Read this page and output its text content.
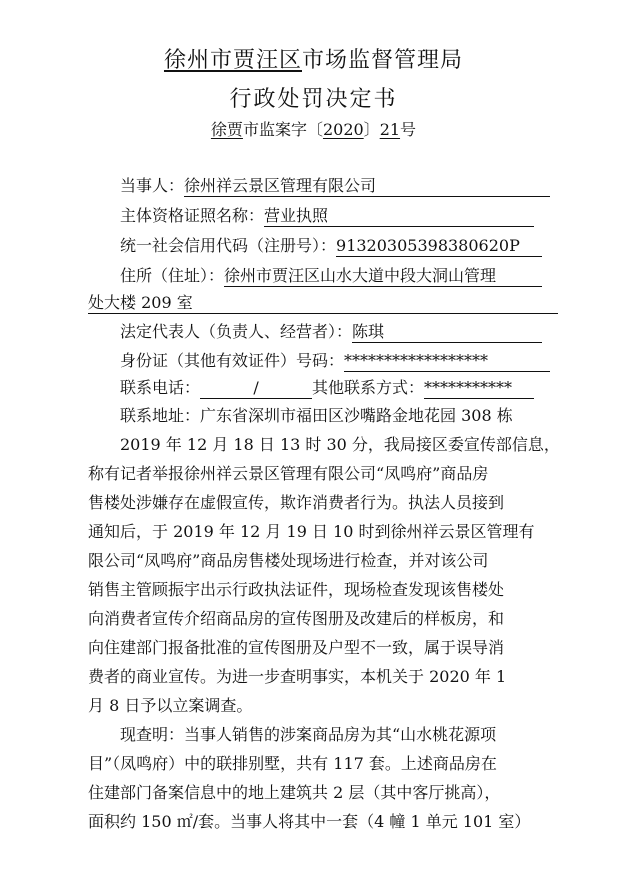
徐州市贾汪区市场监督管理局
行政处罚决定书
徐贾市监案字〔2020〕21号
当事人：徐州祥云景区管理有限公司
主体资格证照名称：营业执照
统一社会信用代码（注册号）：91320305398380620P
住所（住址）：徐州市贾汪区山水大道中段大洞山管理
处大楼 209 室
法定代表人（负责人、经营者）：陈琪
身份证（其他有效证件）号码：******************
联系电话：	/	其他联系方式：***********
联系地址：广东省深圳市福田区沙嘴路金地花园 308 栋
2019 年 12 月 18 日 13 时 30 分，我局接区委宣传部信息，
称有记者举报徐州祥云景区管理有限公司“凤鸣府”商品房
售楼处涉嫌存在虚假宣传，欺诈消费者行为。执法人员接到
通知后，于 2019 年 12 月 19 日 10 时到徐州祥云景区管理有
限公司“凤鸣府”商品房售楼处现场进行检查，并对该公司
销售主管顾振宇出示行政执法证件，现场检查发现该售楼处
向消费者宣传介绍商品房的宣传图册及改建后的样板房，和
向住建部门报备批准的宣传图册及户型不一致，属于误导消
费者的商业宣传。为进一步查明事实，本机关于 2020 年 1
月 8 日予以立案调查。
现查明：当事人销售的涉案商品房为其“山水桃花源项
目”（凤鸣府）中的联排别墅，共有 117 套。上述商品房在
住建部门备案信息中的地上建筑共 2 层（其中客厅挑高），
面积约 150 ㎡/套。当事人将其中一套（4 幢 1 单元 101 室）
